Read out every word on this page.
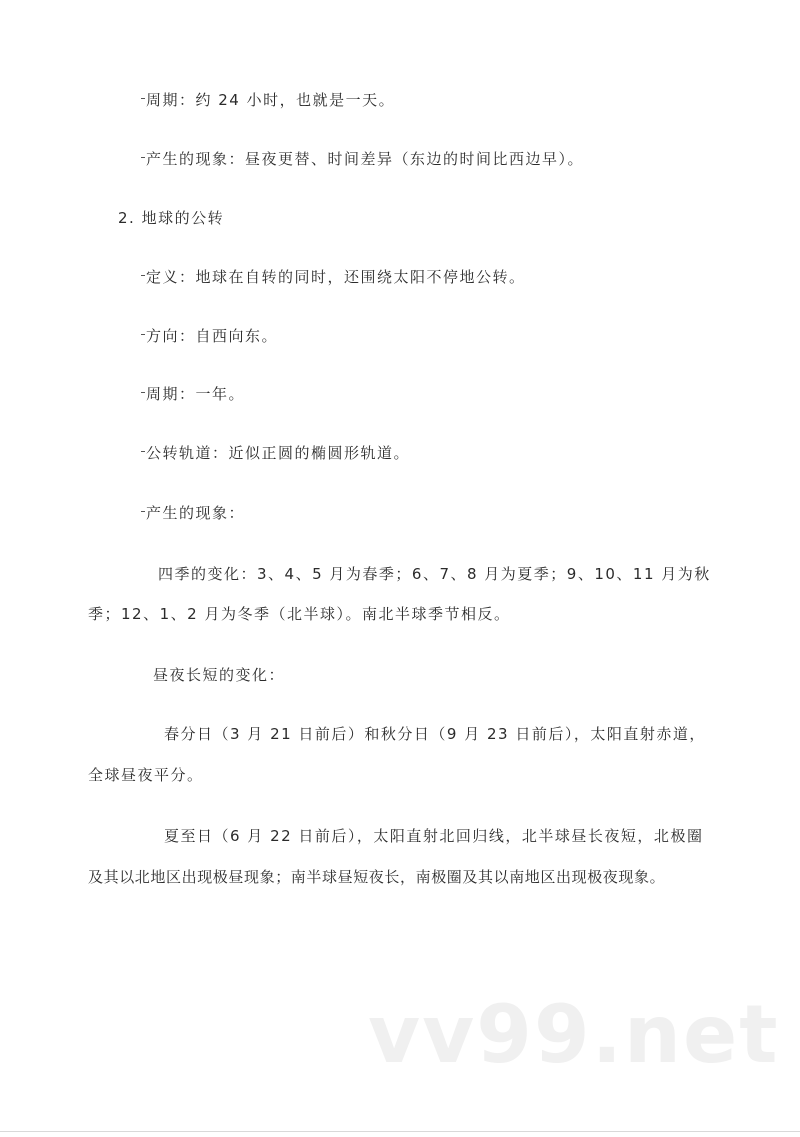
周期：约 24 小时，也就是一天。
产生的现象：昼夜更替、时间差异（东边的时间比西边早）。
2. 地球的公转
定义：地球在自转的同时，还围绕太阳不停地公转。
方向：自西向东。
周期：一年。
公转轨道：近似正圆的椭圆形轨道。
产生的现象：
四季的变化：3、4、5 月为春季；6、7、8 月为夏季；9、10、11 月为秋
季；12、1、2 月为冬季（北半球）。南北半球季节相反。
昼夜长短的变化：
春分日（3 月 21 日前后）和秋分日（9 月 23 日前后），太阳直射赤道，
全球昼夜平分。
夏至日（6 月 22 日前后），太阳直射北回归线，北半球昼长夜短，北极圈
及其以北地区出现极昼现象；南半球昼短夜长，南极圈及其以南地区出现极夜现象。
vv99.net
